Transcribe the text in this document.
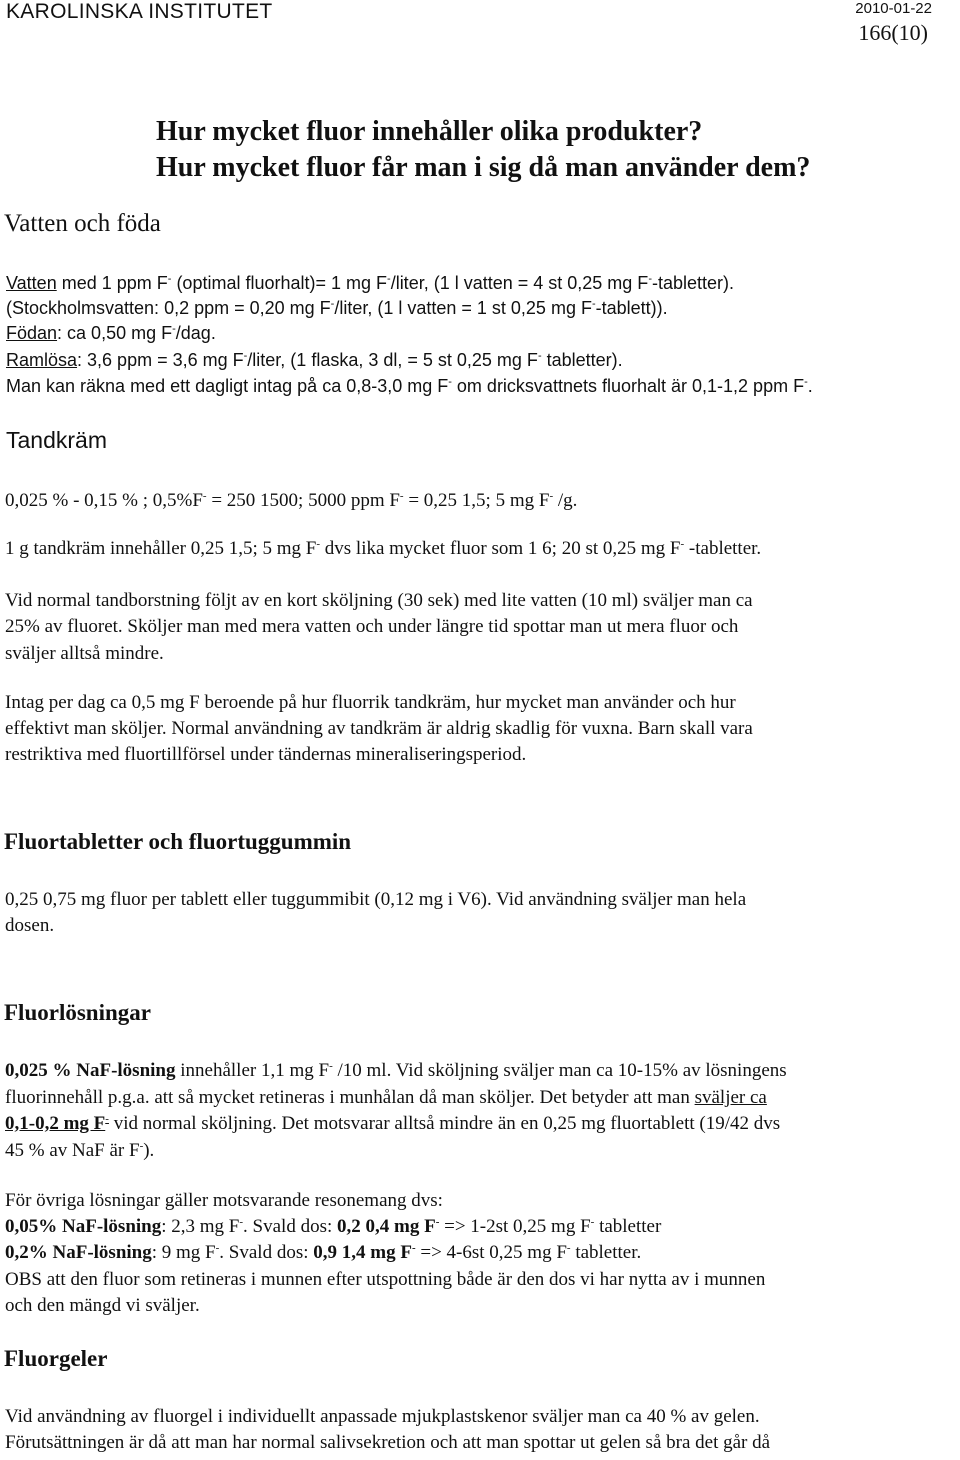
KAROLINSKA INSTITUTET	2010-01-22
166(10)
Hur mycket fluor innehåller olika produkter?
Hur mycket fluor får man i sig då man använder dem?
Vatten och föda
Vatten med 1 ppm F- (optimal fluorhalt)= 1 mg F-/liter, (1 l vatten = 4 st 0,25 mg F--tabletter).
(Stockholmsvatten: 0,2 ppm = 0,20 mg F-/liter, (1 l vatten = 1 st 0,25 mg F--tablett)).
Födan: ca 0,50 mg F-/dag.
Ramlösa: 3,6 ppm = 3,6 mg F-/liter, (1 flaska, 3 dl, = 5 st 0,25 mg F- tabletter).
Man kan räkna med ett dagligt intag på ca 0,8-3,0 mg F- om dricksvattnets fluorhalt är 0,1-1,2 ppm F-.
Tandkräm
0,025 % - 0,15 % ; 0,5%F- = 250 1500; 5000 ppm F- = 0,25 1,5; 5 mg F- /g.
1 g tandkräm innehåller 0,25 1,5; 5 mg F- dvs lika mycket fluor som 1 6; 20 st 0,25 mg F- -tabletter.
Vid normal tandborstning följt av en kort sköljning (30 sek) med lite vatten (10 ml) sväljer man ca
25% av fluoret. Sköljer man med mera vatten och under längre tid spottar man ut mera fluor och
sväljer alltså mindre.
Intag per dag ca 0,5 mg F beroende på hur fluorrik tandkräm, hur mycket man använder och hur
effektivt man sköljer. Normal användning av tandkräm är aldrig skadlig för vuxna. Barn skall vara
restriktiva med fluortillförsel under tändernas mineraliseringsperiod.
Fluortabletter och fluortuggummin
0,25 0,75 mg fluor per tablett eller tuggummibit (0,12 mg i V6). Vid användning sväljer man hela
dosen.
Fluorlösningar
0,025 % NaF-lösning innehåller 1,1 mg F- /10 ml. Vid sköljning sväljer man ca 10-15% av lösningens
fluorinnehåll p.g.a. att så mycket retineras i munhålan då man sköljer. Det betyder att man sväljer ca
0,1-0,2 mg F- vid normal sköljning. Det motsvarar alltså mindre än en 0,25 mg fluortablett (19/42 dvs
45 % av NaF är F-).
För övriga lösningar gäller motsvarande resonemang dvs:
0,05% NaF-lösning: 2,3 mg F-. Svald dos: 0,2 0,4 mg F- => 1-2st 0,25 mg F- tabletter
0,2% NaF-lösning: 9 mg F-. Svald dos: 0,9 1,4 mg F- => 4-6st 0,25 mg F- tabletter.
OBS att den fluor som retineras i munnen efter utspottning både är den dos vi har nytta av i munnen
och den mängd vi sväljer.
Fluorgeler
Vid användning av fluorgel i individuellt anpassade mjukplastskenor sväljer man ca 40 % av gelen.
Förutsättningen är då att man har normal salivsekretion och att man spottar ut gelen så bra det går då
